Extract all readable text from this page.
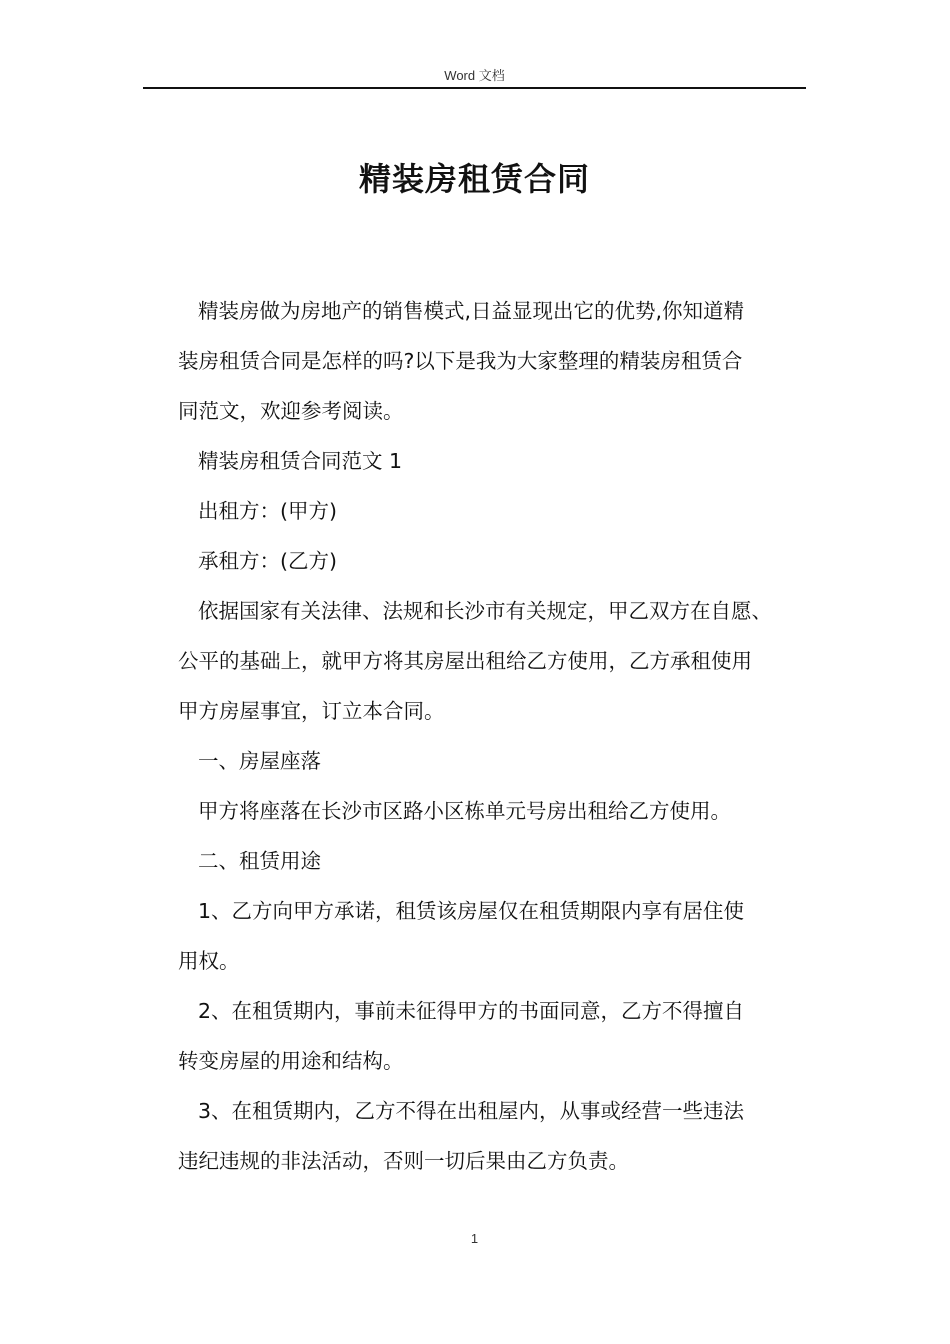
Word 文档
精装房租赁合同

精装房做为房地产的销售模式,日益显现出它的优势,你知道精

装房租赁合同是怎样的吗?以下是我为大家整理的精装房租赁合

同范文，欢迎参考阅读。

精装房租赁合同范文 1

出租方：(甲方)

承租方：(乙方)

依据国家有关法律、法规和长沙市有关规定，甲乙双方在自愿、

公平的基础上，就甲方将其房屋出租给乙方使用，乙方承租使用

甲方房屋事宜，订立本合同。

一、房屋座落

甲方将座落在长沙市区路小区栋单元号房出租给乙方使用。

二、租赁用途

1、乙方向甲方承诺，租赁该房屋仅在租赁期限内享有居住使

用权。

2、在租赁期内，事前未征得甲方的书面同意，乙方不得擅自

转变房屋的用途和结构。

3、在租赁期内，乙方不得在出租屋内，从事或经营一些违法

违纪违规的非法活动，否则一切后果由乙方负责。

1
